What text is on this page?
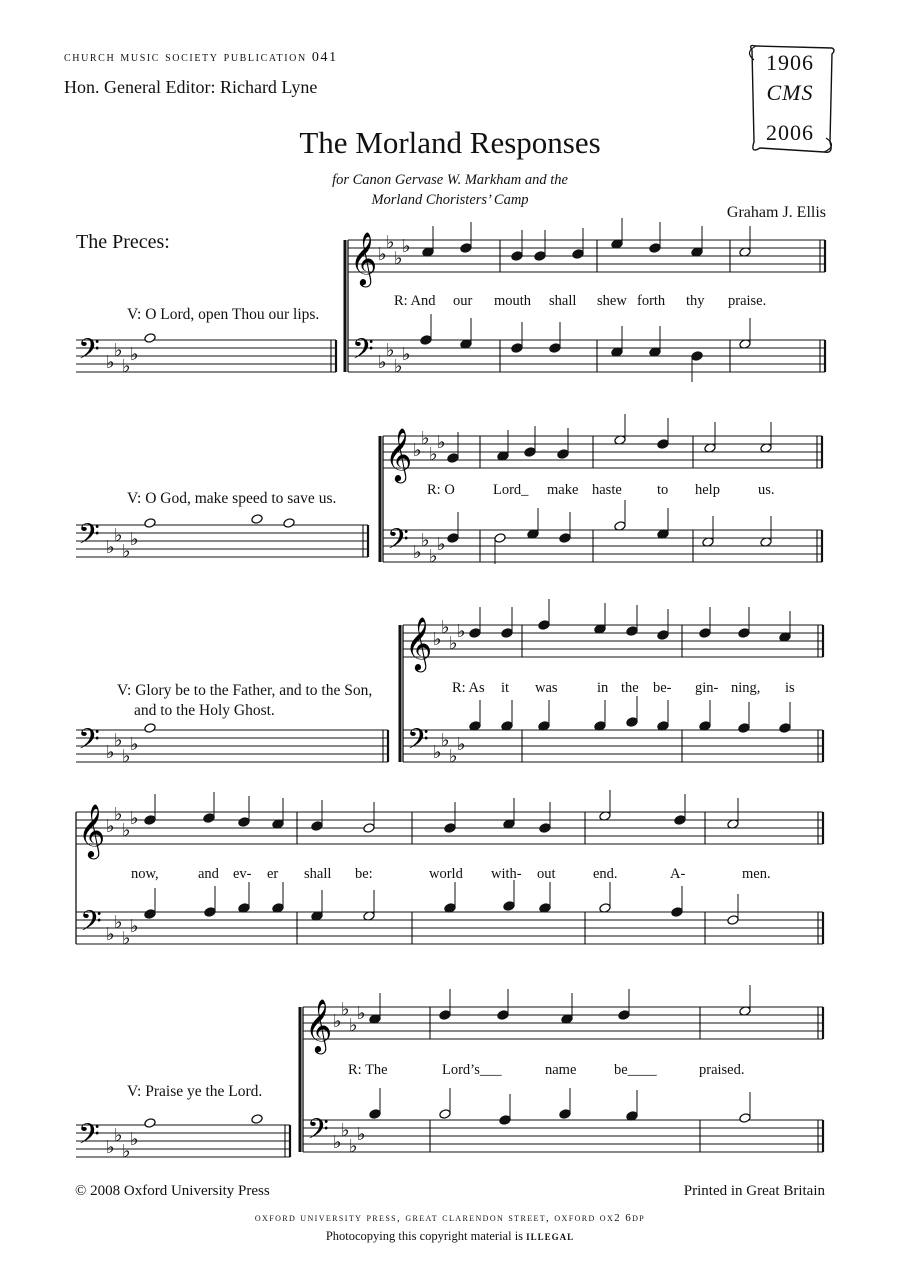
church music society publication 041
Hon. General Editor: Richard Lyne
1906
CMS
2006
The Morland Responses
for Canon Gervase W. Markham and the
Morland Choristers’ Camp
Graham J. Ellis
The Preces:
V: O Lord, open Thou our lips.
V: O God, make speed to save us.
V: Glory be to the Father, and to the Son,
and to the Holy Ghost.
V: Praise ye the Lord.
R: And our mouth shall shew forth thy praise.
R: O	Lord_ make haste to help	us.
R: As it was	in the be- gin- ning, is
now,	and ev- er shall be:	world with- out	end.	A-	men.
R: The	Lord’s___	name	be____	praised.
𝄢 ♭
♭
♭
♭
𝄞
𝄢
♭
♭
♭
♭
♭
♭
♭
♭
𝄢 ♭
♭
♭
♭
𝄞
𝄢
♭
♭
♭
♭
♭
♭
♭
♭
𝄢 ♭
♭
♭
♭
𝄞
𝄢
♭
♭
♭
♭
♭
♭
♭
♭
𝄞
𝄢
♭
♭
♭
♭
♭
♭
♭
♭
𝄢 ♭
♭
♭
♭
𝄞
𝄢
♭
♭
♭
♭
♭
♭
♭
♭
© 2008 Oxford University Press	Printed in Great Britain
oxford university press, great clarendon street, oxford ox2 6dp
Photocopying this copyright material is illegal
